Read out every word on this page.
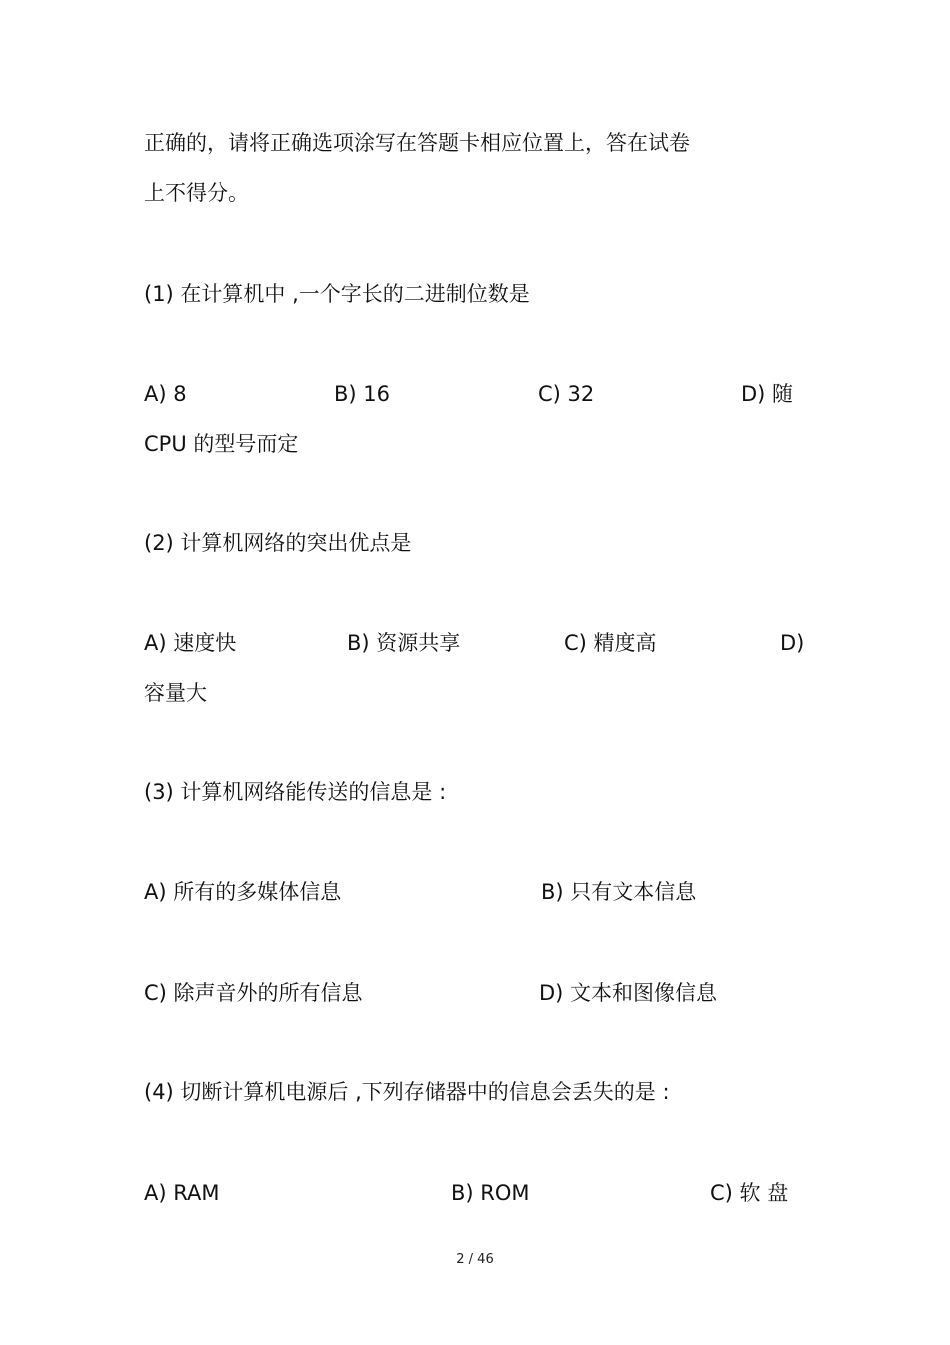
正确的，请将正确选项涂写在答题卡相应位置上，答在试卷
上不得分。
(1) 在计算机中 ,一个字长的二进制位数是
A) 8	B) 16	C) 32	D) 随
CPU 的型号而定
(2) 计算机网络的突出优点是
A) 速度快	B) 资源共享	C) 精度高	D)
容量大
(3) 计算机网络能传送的信息是 :
A) 所有的多媒体信息	B) 只有文本信息
C) 除声音外的所有信息	D) 文本和图像信息
(4) 切断计算机电源后 ,下列存储器中的信息会丢失的是 :
A) RAM	B) ROM	C) 软 盘
2 / 46
